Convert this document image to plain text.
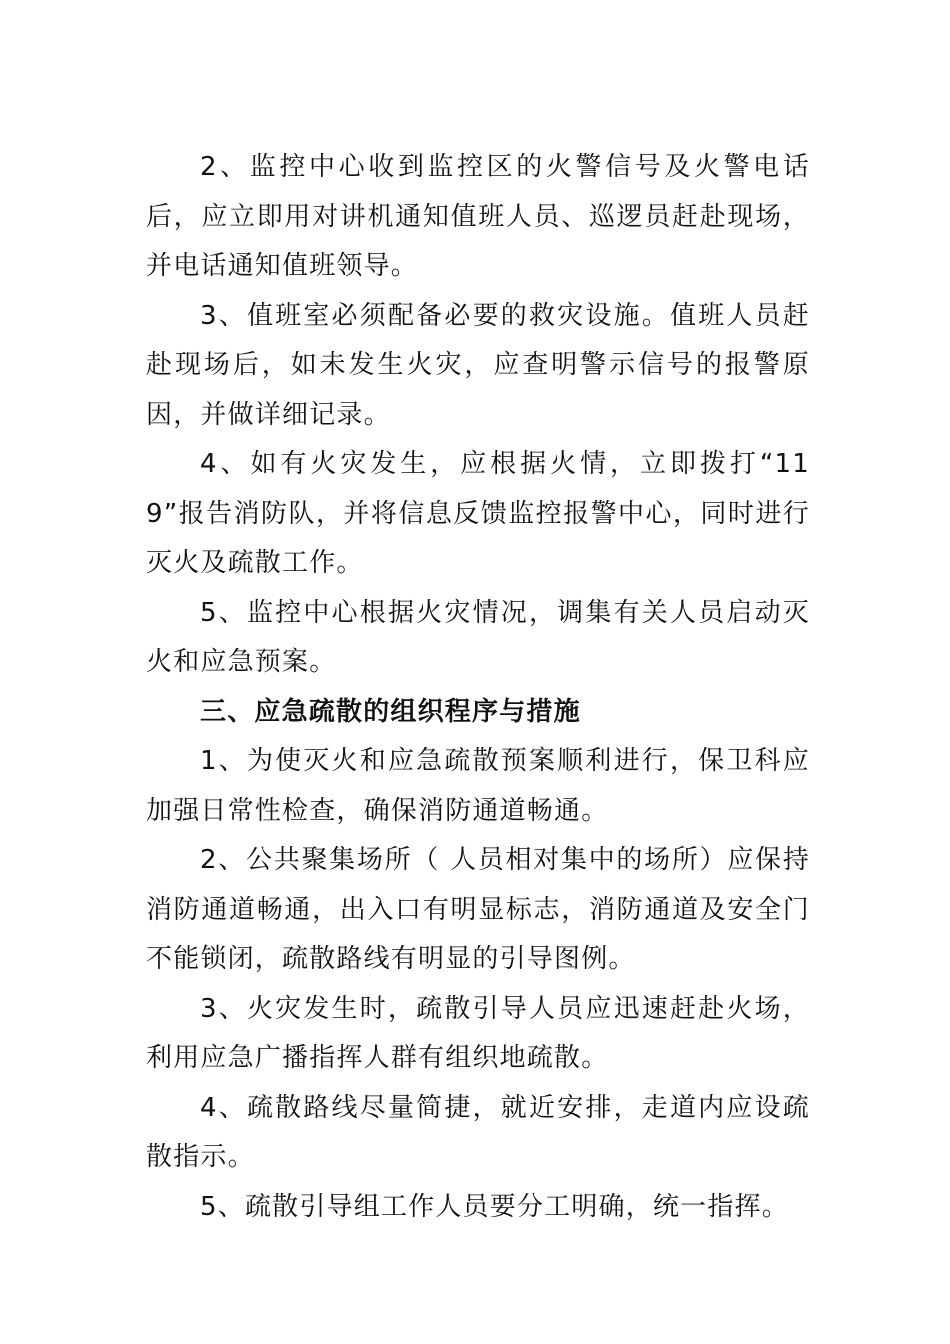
2、监控中心收到监控区的火警信号及火警电话后，应立即用对讲机通知值班人员、巡逻员赶赴现场，并电话通知值班领导。

3、值班室必须配备必要的救灾设施。值班人员赶赴现场后，如未发生火灾，应查明警示信号的报警原因，并做详细记录。

4、如有火灾发生，应根据火情，立即拨打“119”报告消防队，并将信息反馈监控报警中心，同时进行灭火及疏散工作。

5、监控中心根据火灾情况，调集有关人员启动灭火和应急预案。

三、应急疏散的组织程序与措施

1、为使灭火和应急疏散预案顺利进行，保卫科应加强日常性检查，确保消防通道畅通。

2、公共聚集场所（ 人员相对集中的场所）应保持消防通道畅通，出入口有明显标志，消防通道及安全门不能锁闭，疏散路线有明显的引导图例。

3、火灾发生时，疏散引导人员应迅速赶赴火场，利用应急广播指挥人群有组织地疏散。

4、疏散路线尽量简捷，就近安排，走道内应设疏散指示。

5、疏散引导组工作人员要分工明确，统一指挥。
